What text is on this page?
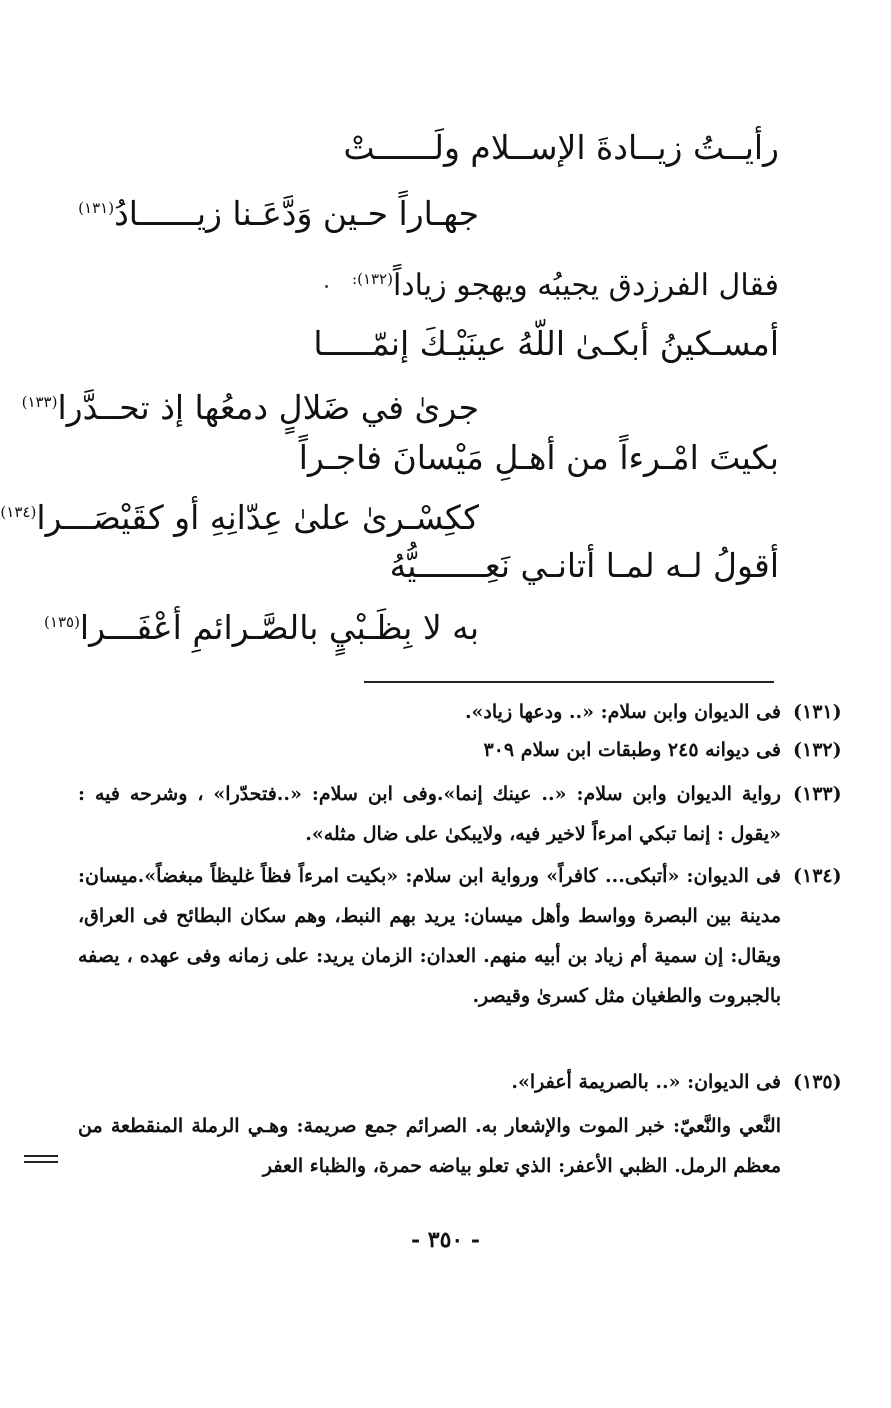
رأيــتُ زيــادةَ الإســلام ولَــــــتْ
جهـاراً حـين وَدَّعَـنا زيــــــادُ$^{(١٣١)}$
فقال الفرزدق يجيبُه ويهجو زياداً$^{(١٣٢):}$
أمسـكينُ أبكـىٰ اللّهُ عينَيْـكَ إنمّـــــا
جرىٰ في ضَلالٍ دمعُها إذ تحــدَّرا$^{(١٣٣)}$
بكيتَ امْـرءاً من أهـلِ مَيْسانَ فاجـراً
ككِسْـرىٰ علىٰ عِدّانِهِ أو كقَيْصَـــرا$^{(١٣٤)}$
أقولُ لـه لمـا أتانـي نَعِـــــــيُّهُ
به لا بِظَـبْيٍ بالصَّـرائمِ أعْفَـــرا$^{(١٣٥)}$
(١٣١)
فى الديوان وابن سلام: «.. ودعها زياد».
(١٣٢)
فى ديوانه ٢٤٥ وطبقات ابن سلام ٣٠٩
(١٣٣)
رواية الديوان وابن سلام: «.. عينك إنما».وفى ابن سلام: «..فتحدّرا» ، وشرحه فيه : «يقول : إنما تبكي امرءاً لاخير فيه، ولايبكىٰ على ضال مثله».
(١٣٤)
فى الديوان: «أتبكى... كافراً» ورواية ابن سلام: «بكيت امرءاً فظاً غليظاً مبغضاً».ميسان: مدينة بين البصرة وواسط وأهل ميسان: يريد بهم النبط، وهم سكان البطائح فى العراق، ويقال: إن سمية أم زياد بن أبيه منهم. العدان: الزمان يريد: على زمانه وفى عهده ، يصفه بالجبروت والطغيان مثل كسرىٰ وقيصر.
(١٣٥)
فى الديوان: «.. بالصريمة أعفرا».
النَّعي والنَّعيّ: خبر الموت والإشعار به. الصرائم جمع صريمة: وهـي الرملة المنقطعة من معظم الرمل. الظبي الأعفر: الذي تعلو بياضه حمرة، والظباء العفر
- ٣٥٠ -
